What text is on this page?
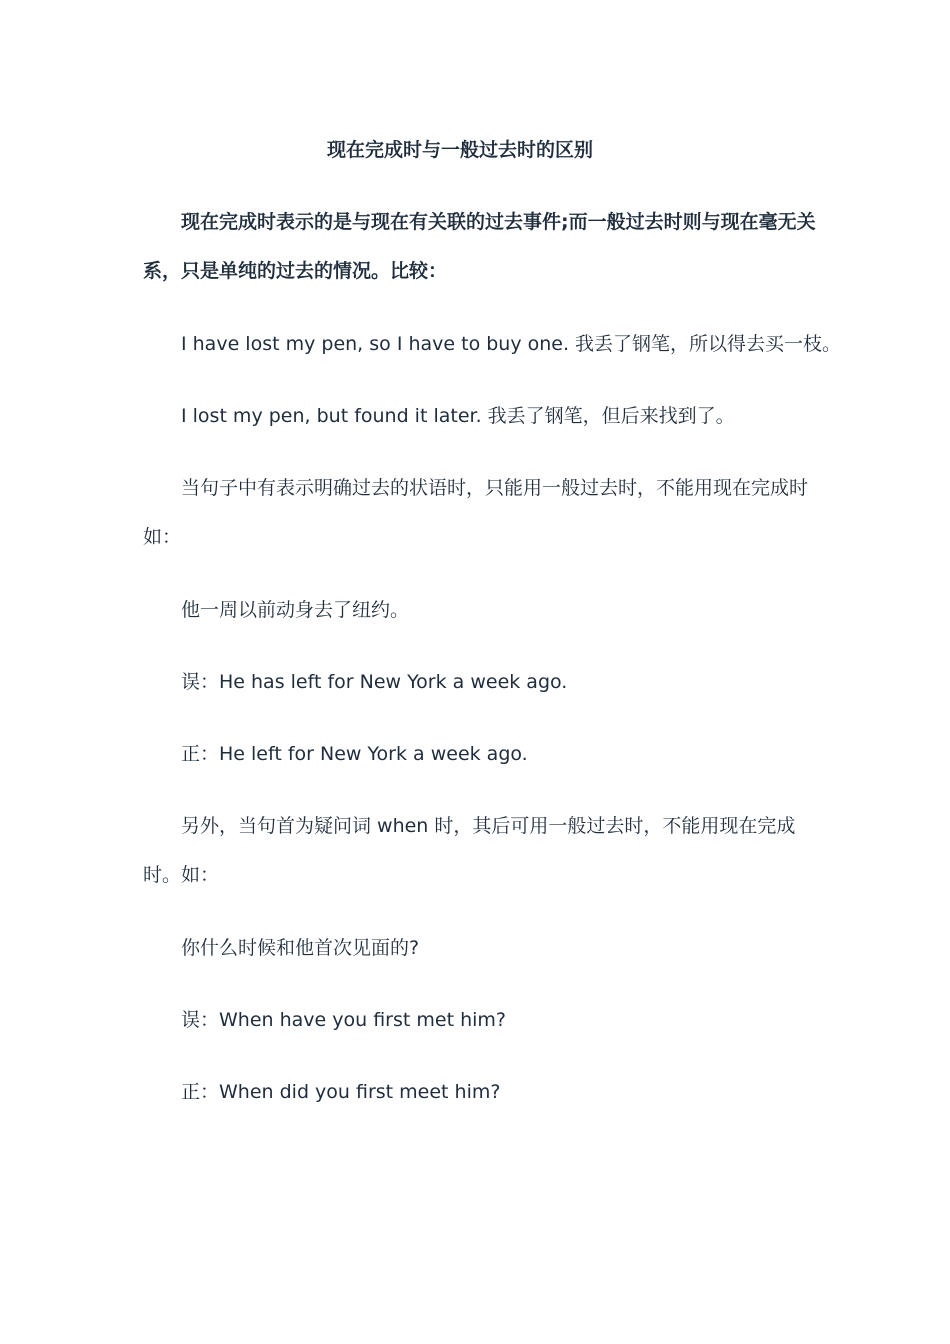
现在完成时与一般过去时的区别
现在完成时表示的是与现在有关联的过去事件;而一般过去时则与现在毫无关系，只是单纯的过去的情况。比较：
I have lost my pen, so I have to buy one. 我丢了钢笔，所以得去买一枝。
I lost my pen, but found it later. 我丢了钢笔，但后来找到了。
当句子中有表示明确过去的状语时，只能用一般过去时，不能用现在完成时如：
他一周以前动身去了纽约。
误：He has left for New York a week ago.
正：He left for New York a week ago.
另外，当句首为疑问词 when 时，其后可用一般过去时，不能用现在完成时。如：
你什么时候和他首次见面的?
误：When have you first met him?
正：When did you first meet him?
